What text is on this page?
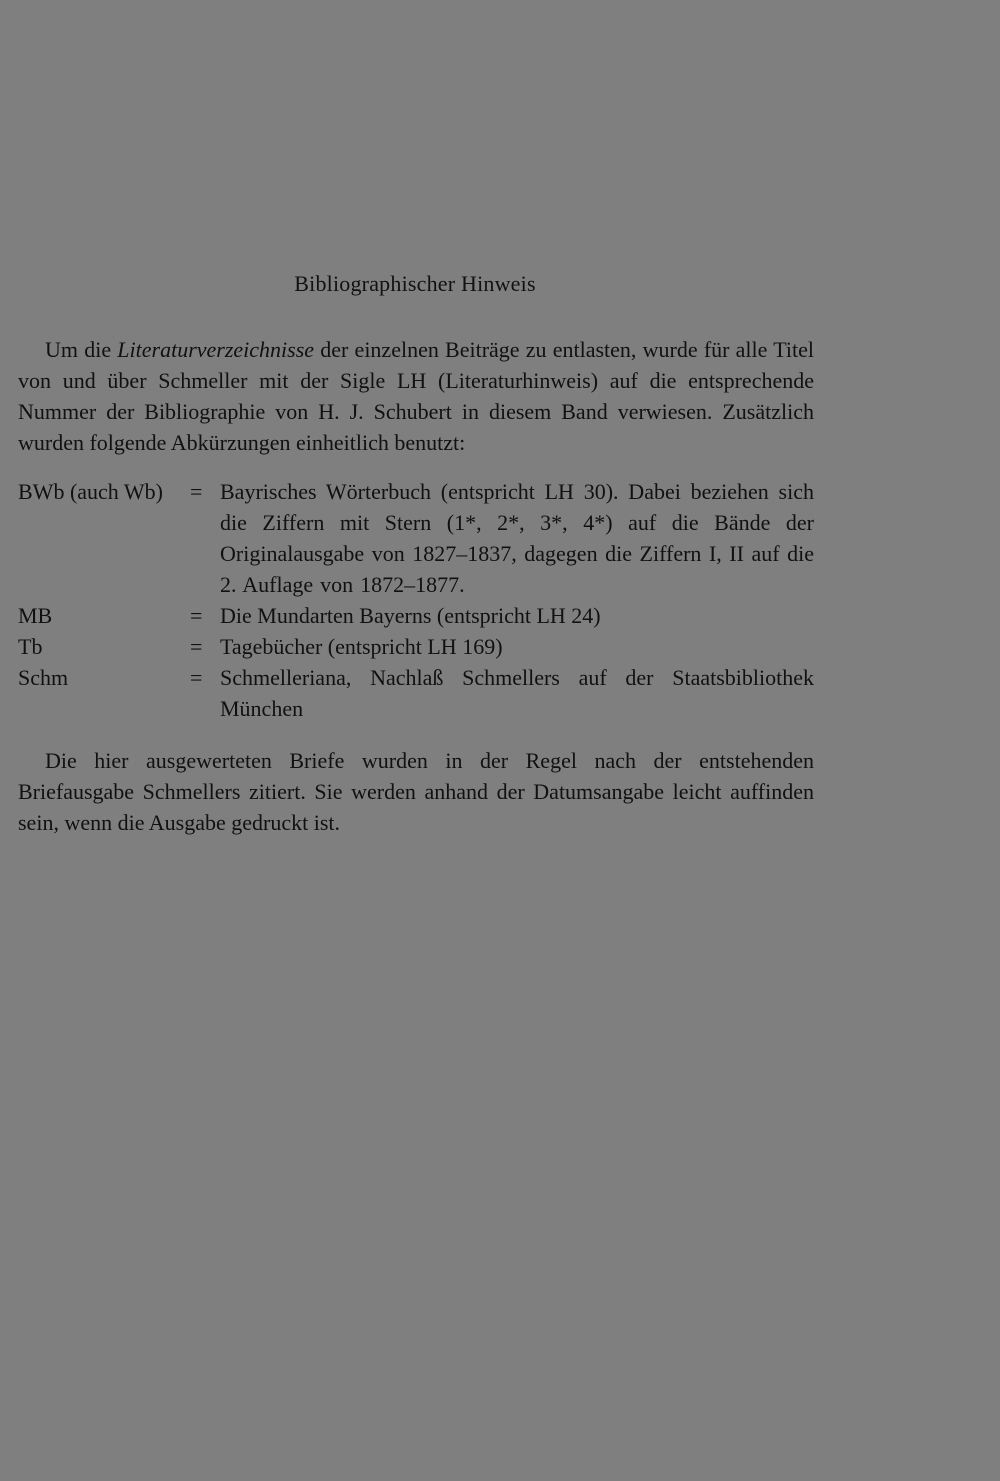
Bibliographischer Hinweis

Um die Literaturverzeichnisse der einzelnen Beiträge zu entlasten, wurde für alle Titel von und über Schmeller mit der Sigle LH (Literaturhinweis) auf die entsprechende Nummer der Bibliographie von H. J. Schubert in diesem Band verwiesen. Zusätzlich wurden folgende Abkürzungen einheitlich benutzt:

BWb (auch Wb)	= Bayrisches Wörterbuch (entspricht LH 30). Dabei beziehen sich die Ziffern mit Stern (1*, 2*, 3*, 4*) auf die Bände der Originalausgabe von 1827–1837, dagegen die Ziffern I, II auf die 2. Auflage von 1872–1877.
MB	= Die Mundarten Bayerns (entspricht LH 24)
Tb	= Tagebücher (entspricht LH 169)
Schm	= Schmelleriana, Nachlaß Schmellers auf der Staatsbibliothek München

Die hier ausgewerteten Briefe wurden in der Regel nach der entstehenden Briefausgabe Schmellers zitiert. Sie werden anhand der Datumsangabe leicht auffinden sein, wenn die Ausgabe gedruckt ist.
